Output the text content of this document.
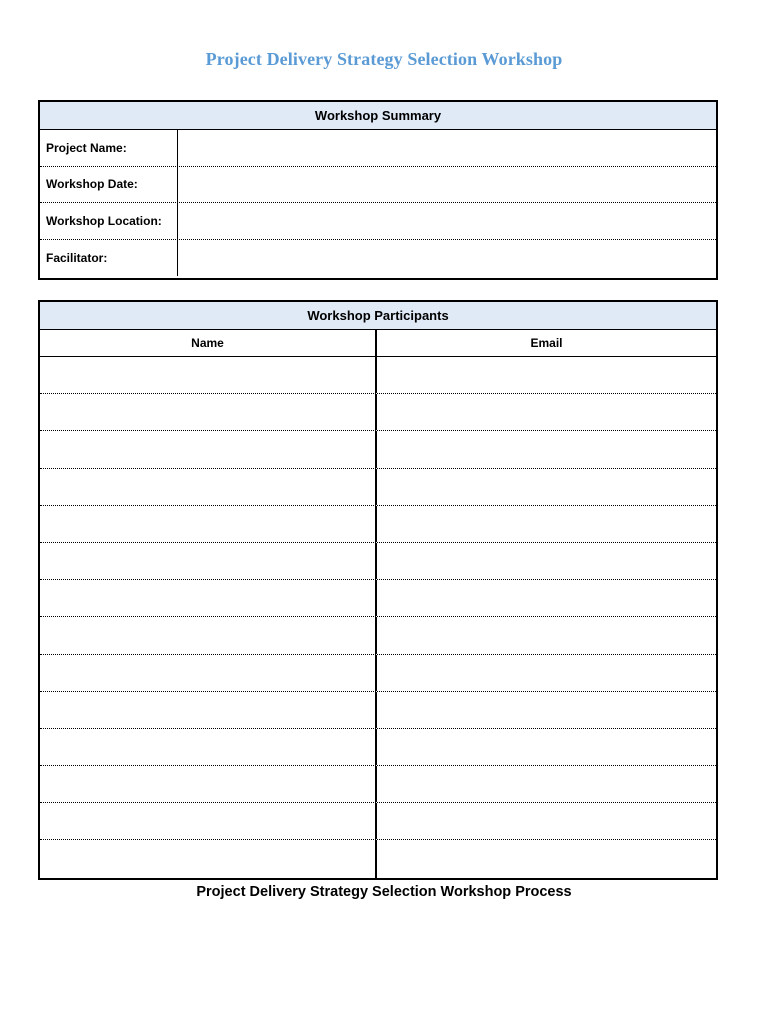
Project Delivery Strategy Selection Workshop
Workshop Summary
Project Name:
Workshop Date:
Workshop Location:
Facilitator:
Workshop Participants
Name	Email
Project Delivery Strategy Selection Workshop Process
